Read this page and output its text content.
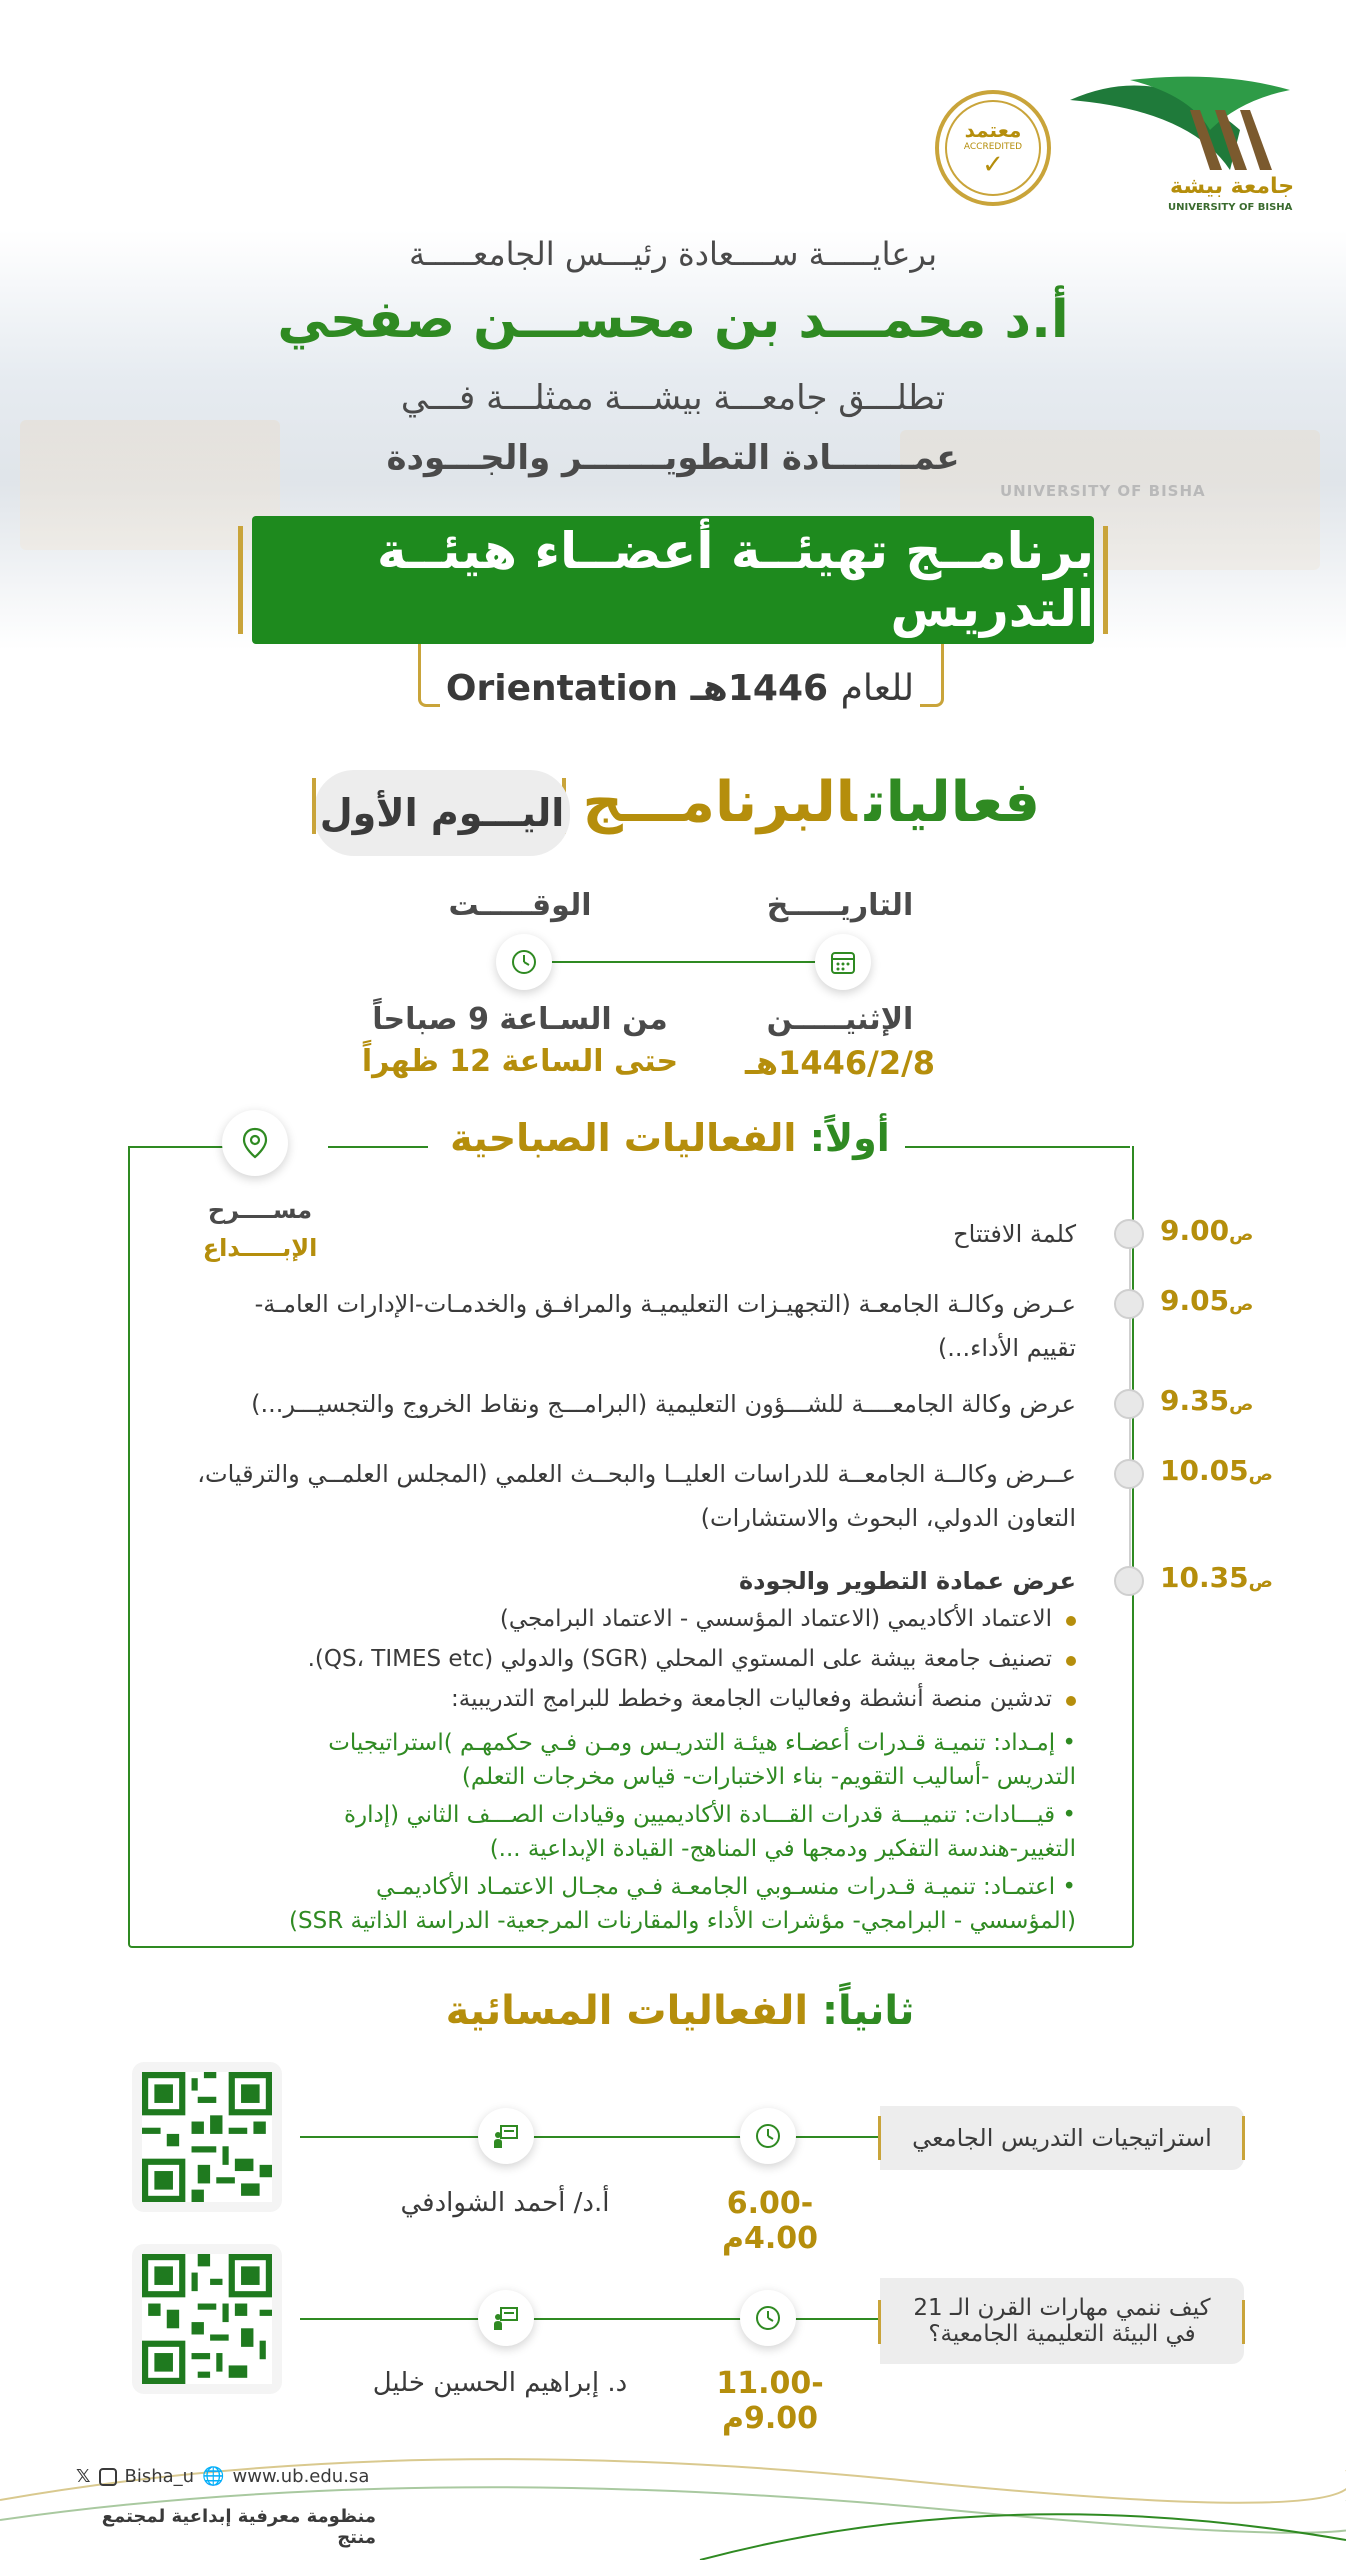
UNIVERSITY OF BISHA
معتمد
ACCREDITED
✓
جامعة بيشة
UNIVERSITY OF BISHA
برعايـــــة ســــعادة رئيـــس الجامعـــــة
أ.د محمـــد بن محســـن صفحي
تطلـــق جامعـــة بيشـــة ممثلـــة فـــي
عمـــــــادة التطويـــــــر والجـــودة
برنامــج تهيئــة أعضــاء هيئــة التدريس
للعام 1446هـ Orientation
فعالياتالبرنامـــج
اليـــوم الأول
التاريـــــخ
الوقـــــت
الإثنيـــــن
1446/2/8هـ
من السـاعة 9 صباحاً
حتى الساعة 12 ظهراً
أولاً: الفعاليات الصباحية
مســــرح
الإبـــــداع	ص9.00
كلمة الافتتاح
ص9.05
عـرض وكالـة الجامعـة (التجهيـزات التعليميـة والمرافـق والخدمـات-الإدارات العامـة-
تقييم الأداء...)
ص9.35
عرض وكالة الجامعــــة للشـــؤون التعليمية (البرامـــج ونقاط الخروج والتجسيـــر...)
ص10.05
عــرض وكالــة الجامعــة للدراسات العليــا والبحــث العلمي (المجلس العلمــي والترقيات،
التعاون الدولي، البحوث والاستشارات)
ص10.35
عرض عمادة التطوير والجودة
الاعتماد الأكاديمي (الاعتماد المؤسسي - الاعتماد البرامجي)
تصنيف جامعة بيشة على المستوي المحلي (SGR) والدولي (QS، TIMES etc).
تدشين منصة أنشطة وفعاليات الجامعة وخطط للبرامج التدريبية:
• إمـداد: تنميـة قـدرات أعضـاء هيئـة التدريـس ومـن فـي حكمهـم )استراتيجيات
التدريس -أساليب التقويم- بناء الاختبارات- قياس مخرجات التعلم)
• قيـــادات: تنميـــة قدرات القـــادة الأكاديميين وقيادات الصـــف الثاني (إدارة
التغيير-هندسة التفكير ودمجها في المناهج- القيادة الإبداعية ...)
• اعتمـاد: تنميـة قـدرات منسـوبي الجامعـة فـي مجـال الاعتمـاد الأكاديمـي
(المؤسسي - البرامجي- مؤشرات الأداء والمقارنات المرجعية- الدراسة الذاتية SSR)
ثانياً: الفعاليات المسائية
استراتيجيات التدريس الجامعي
6.00-4.00م
أ.د/ أحمد الشوادفي
كيف ننمي مهارات القرن الـ 21
في البيئة التعليمية الجامعية؟
11.00-9.00م
د. إبراهيم الحسين خليل
𝕏 Bisha_u 🌐 www.ub.edu.sa
منظومة معرفية إبداعية لمجتمع منتج
